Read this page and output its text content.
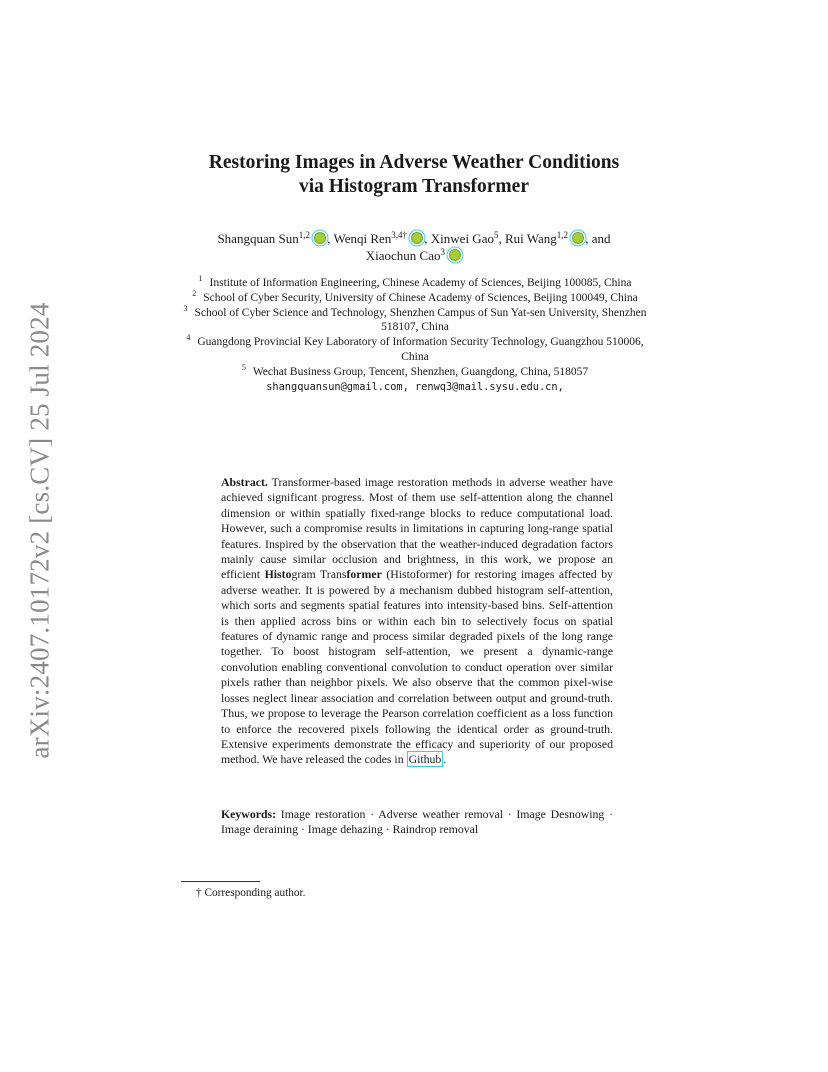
arXiv:2407.10172v2 [cs.CV] 25 Jul 2024
Restoring Images in Adverse Weather Conditions
via Histogram Transformer
Shangquan Sun$^{1,2}$ , Wenqi Ren$^{3,4\dagger}$ , Xinwei Gao$^5$, Rui Wang$^{1,2}$ , and
Xiaochun Cao$^3$

$^1$ Institute of Information Engineering, Chinese Academy of Sciences, Beijing 100085, China

$^2$ School of Cyber Security, University of Chinese Academy of Sciences, Beijing 100049, China

$^3$ School of Cyber Science and Technology, Shenzhen Campus of Sun Yat-sen University, Shenzhen 518107, China

$^4$ Guangdong Provincial Key Laboratory of Information Security Technology, Guangzhou 510006, China

$^5$ Wechat Business Group, Tencent, Shenzhen, Guangdong, China, 518057

shangquansun@gmail.com, renwq3@mail.sysu.edu.cn,

Abstract. Transformer-based image restoration methods in adverse weather have achieved significant progress. Most of them use self-attention along the channel dimension or within spatially fixed-range blocks to reduce computational load. However, such a compromise results in limitations in capturing long-range spatial features. Inspired by the observation that the weather-induced degradation factors mainly cause similar occlusion and brightness, in this work, we propose an efficient Histogram Transformer (Histoformer) for restoring images affected by adverse weather. It is powered by a mechanism dubbed histogram self-attention, which sorts and segments spatial features into intensity-based bins. Self-attention is then applied across bins or within each bin to selectively focus on spatial features of dynamic range and process similar degraded pixels of the long range together. To boost histogram self-attention, we present a dynamic-range convolution enabling conventional convolution to conduct operation over similar pixels rather than neighbor pixels. We also observe that the common pixel-wise losses neglect linear association and correlation between output and ground-truth. Thus, we propose to leverage the Pearson correlation coefficient as a loss function to enforce the recovered pixels following the identical order as ground-truth. Extensive experiments demonstrate the efficacy and superiority of our proposed method. We have released the codes in Github .

Keywords: Image restoration · Adverse weather removal · Image Desnowing · Image deraining · Image dehazing · Raindrop removal

† Corresponding author.
